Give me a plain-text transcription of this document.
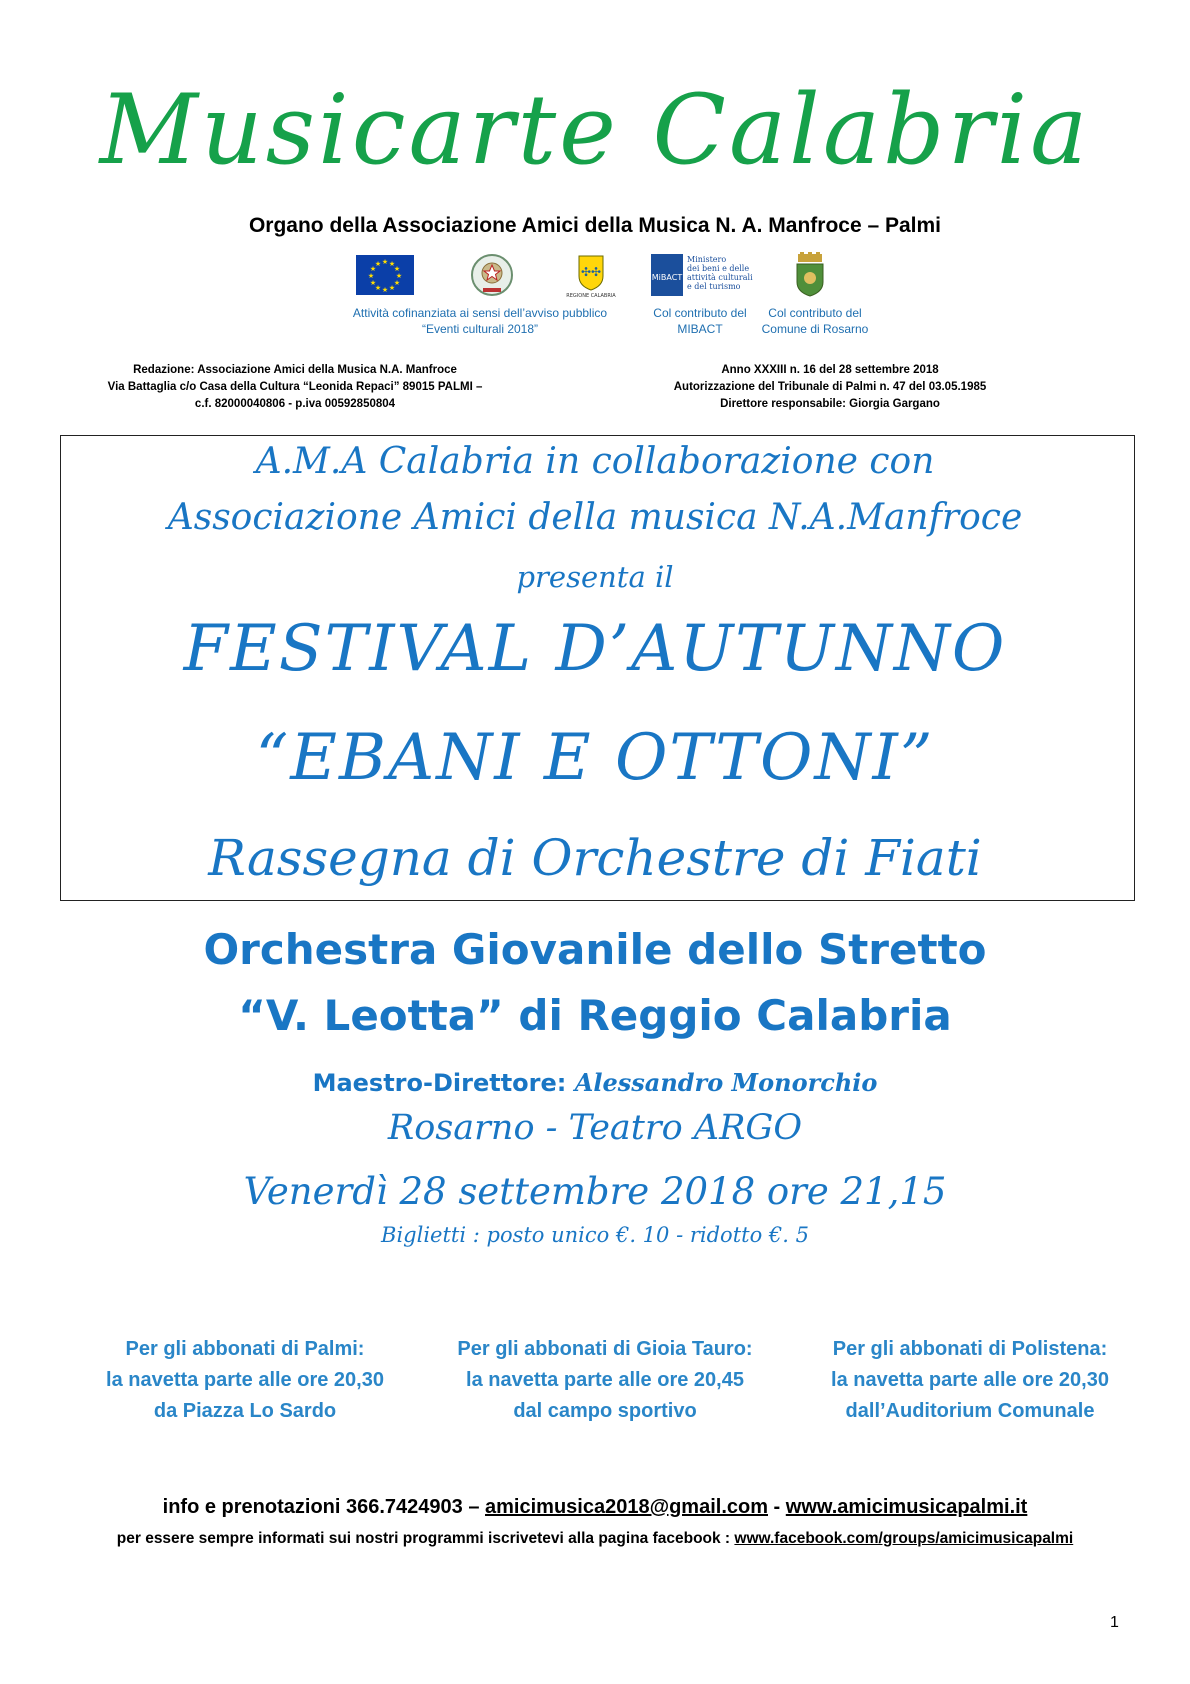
Musicarte Calabria
Organo della Associazione Amici della Musica N. A. Manfroce – Palmi
★ ★
★
★
★
★
★
★
★
★
★
★
✣✣
REGIONE CALABRIA
MiBACT
Ministero
dei beni e delle
attività culturali
e del turismo
Attività cofinanziata ai sensi dell’avviso pubblico
“Eventi culturali 2018”
Col contributo del
MIBACT
Col contributo del
Comune di Rosarno
Redazione: Associazione Amici della Musica N.A. Manfroce
Via Battaglia c/o Casa della Cultura “Leonida Repaci” 89015 PALMI –
c.f. 82000040806 - p.iva 00592850804
Anno XXXIII n. 16 del 28 settembre 2018
Autorizzazione del Tribunale di Palmi n. 47 del 03.05.1985
Direttore responsabile: Giorgia Gargano
A.M.A Calabria in collaborazione con
Associazione Amici della musica N.A.Manfroce
presenta il
FESTIVAL D’AUTUNNO
“EBANI E OTTONI”
Rassegna di Orchestre di Fiati
Orchestra Giovanile dello Stretto
“V. Leotta” di Reggio Calabria
Maestro-Direttore: Alessandro Monorchio
Rosarno - Teatro ARGO
Venerdì 28 settembre 2018 ore 21,15
Biglietti : posto unico €. 10 - ridotto €. 5
Per gli abbonati di Palmi:
la navetta parte alle ore 20,30
da Piazza Lo Sardo
Per gli abbonati di Gioia Tauro:
la navetta parte alle ore 20,45
dal campo sportivo
Per gli abbonati di Polistena:
la navetta parte alle ore 20,30
dall’Auditorium Comunale
info e prenotazioni 366.7424903 – amicimusica2018@gmail.com - www.amicimusicapalmi.it
per essere sempre informati sui nostri programmi iscrivetevi alla pagina facebook : www.facebook.com/groups/amicimusicapalmi
1
